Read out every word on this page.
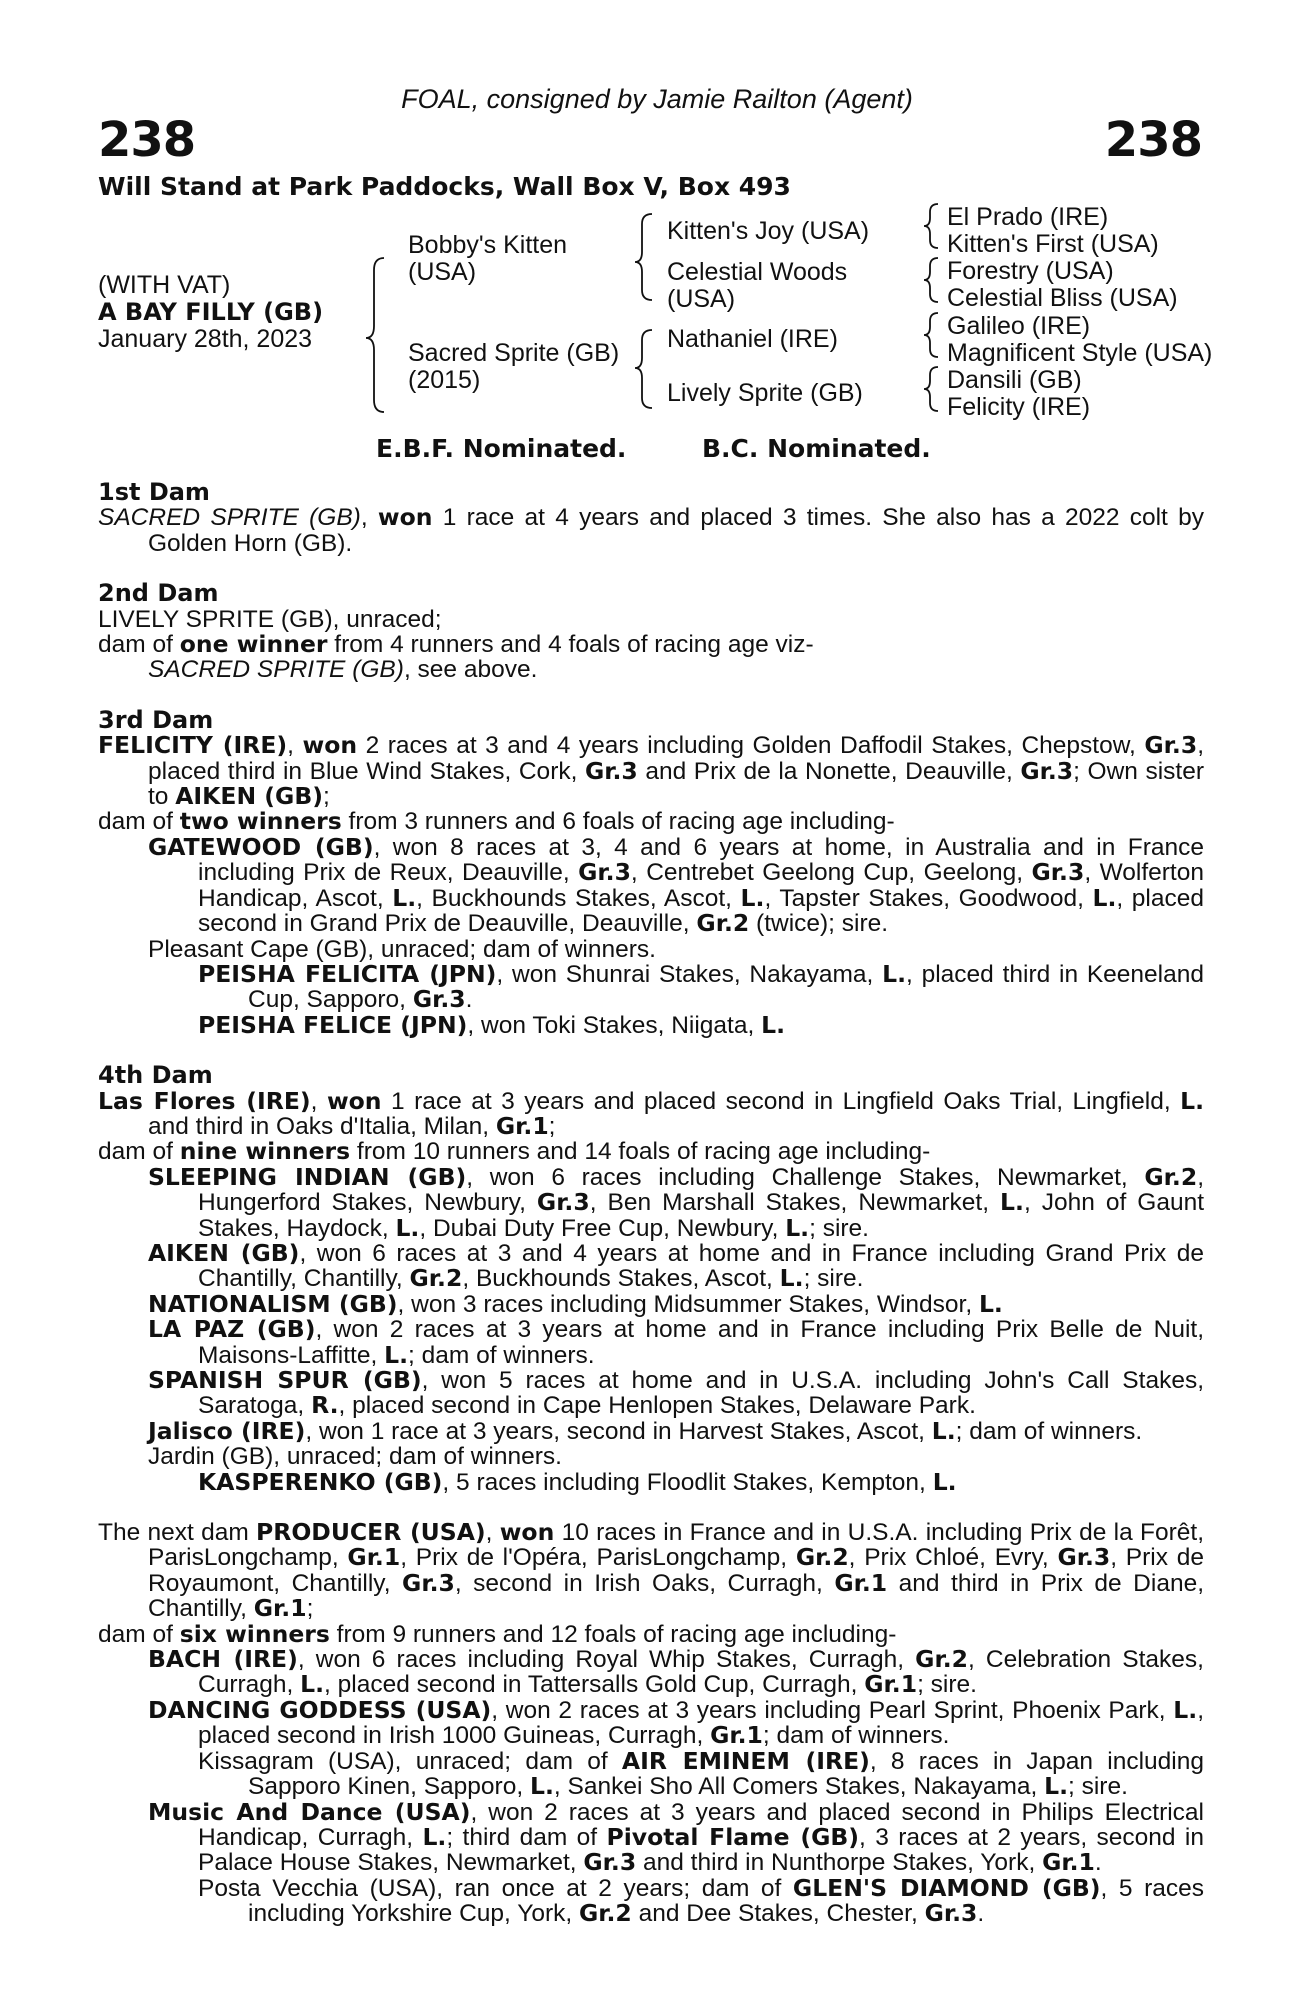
FOAL, consigned by Jamie Railton (Agent)
238	238
Will Stand at Park Paddocks, Wall Box V, Box 493
(WITH VAT)
A BAY FILLY (GB)
January 28th, 2023
Bobby's Kitten
(USA)
Sacred Sprite (GB)
(2015)
Kitten's Joy (USA)
Celestial Woods
(USA)
Nathaniel (IRE)
Lively Sprite (GB)
El Prado (IRE)
Kitten's First (USA)
Forestry (USA)
Celestial Bliss (USA)
Galileo (IRE)
Magnificent Style (USA)
Dansili (GB)
Felicity (IRE)
E.B.F. Nominated.	B.C. Nominated.
1st Dam
SACRED SPRITE (GB), won 1 race at 4 years and placed 3 times. She also has a 2022 colt by Golden Horn (GB).
2nd Dam
LIVELY SPRITE (GB), unraced;
dam of one winner from 4 runners and 4 foals of racing age viz-
SACRED SPRITE (GB), see above.
3rd Dam
FELICITY (IRE), won 2 races at 3 and 4 years including Golden Daffodil Stakes, Chepstow, Gr.3, placed third in Blue Wind Stakes, Cork, Gr.3 and Prix de la Nonette, Deauville, Gr.3; Own sister to AIKEN (GB);
dam of two winners from 3 runners and 6 foals of racing age including-
GATEWOOD (GB), won 8 races at 3, 4 and 6 years at home, in Australia and in France including Prix de Reux, Deauville, Gr.3, Centrebet Geelong Cup, Geelong, Gr.3, Wolferton Handicap, Ascot, L., Buckhounds Stakes, Ascot, L., Tapster Stakes, Goodwood, L., placed second in Grand Prix de Deauville, Deauville, Gr.2 (twice); sire.
Pleasant Cape (GB), unraced; dam of winners.
PEISHA FELICITA (JPN), won Shunrai Stakes, Nakayama, L., placed third in Keeneland Cup, Sapporo, Gr.3.
PEISHA FELICE (JPN), won Toki Stakes, Niigata, L.
4th Dam
Las Flores (IRE), won 1 race at 3 years and placed second in Lingfield Oaks Trial, Lingfield, L. and third in Oaks d'Italia, Milan, Gr.1;
dam of nine winners from 10 runners and 14 foals of racing age including-
SLEEPING INDIAN (GB), won 6 races including Challenge Stakes, Newmarket, Gr.2, Hungerford Stakes, Newbury, Gr.3, Ben Marshall Stakes, Newmarket, L., John of Gaunt Stakes, Haydock, L., Dubai Duty Free Cup, Newbury, L.; sire.
AIKEN (GB), won 6 races at 3 and 4 years at home and in France including Grand Prix de Chantilly, Chantilly, Gr.2, Buckhounds Stakes, Ascot, L.; sire.
NATIONALISM (GB), won 3 races including Midsummer Stakes, Windsor, L.
LA PAZ (GB), won 2 races at 3 years at home and in France including Prix Belle de Nuit, Maisons-Laffitte, L.; dam of winners.
SPANISH SPUR (GB), won 5 races at home and in U.S.A. including John's Call Stakes, Saratoga, R., placed second in Cape Henlopen Stakes, Delaware Park.
Jalisco (IRE), won 1 race at 3 years, second in Harvest Stakes, Ascot, L.; dam of winners.
Jardin (GB), unraced; dam of winners.
KASPERENKO (GB), 5 races including Floodlit Stakes, Kempton, L.
The next dam PRODUCER (USA), won 10 races in France and in U.S.A. including Prix de la Forêt, ParisLongchamp, Gr.1, Prix de l'Opéra, ParisLongchamp, Gr.2, Prix Chloé, Evry, Gr.3, Prix de Royaumont, Chantilly, Gr.3, second in Irish Oaks, Curragh, Gr.1 and third in Prix de Diane, Chantilly, Gr.1;
dam of six winners from 9 runners and 12 foals of racing age including-
BACH (IRE), won 6 races including Royal Whip Stakes, Curragh, Gr.2, Celebration Stakes, Curragh, L., placed second in Tattersalls Gold Cup, Curragh, Gr.1; sire.
DANCING GODDESS (USA), won 2 races at 3 years including Pearl Sprint, Phoenix Park, L., placed second in Irish 1000 Guineas, Curragh, Gr.1; dam of winners.
Kissagram (USA), unraced; dam of AIR EMINEM (IRE), 8 races in Japan including Sapporo Kinen, Sapporo, L., Sankei Sho All Comers Stakes, Nakayama, L.; sire.
Music And Dance (USA), won 2 races at 3 years and placed second in Philips Electrical Handicap, Curragh, L.; third dam of Pivotal Flame (GB), 3 races at 2 years, second in Palace House Stakes, Newmarket, Gr.3 and third in Nunthorpe Stakes, York, Gr.1.
Posta Vecchia (USA), ran once at 2 years; dam of GLEN'S DIAMOND (GB), 5 races including Yorkshire Cup, York, Gr.2 and Dee Stakes, Chester, Gr.3.
